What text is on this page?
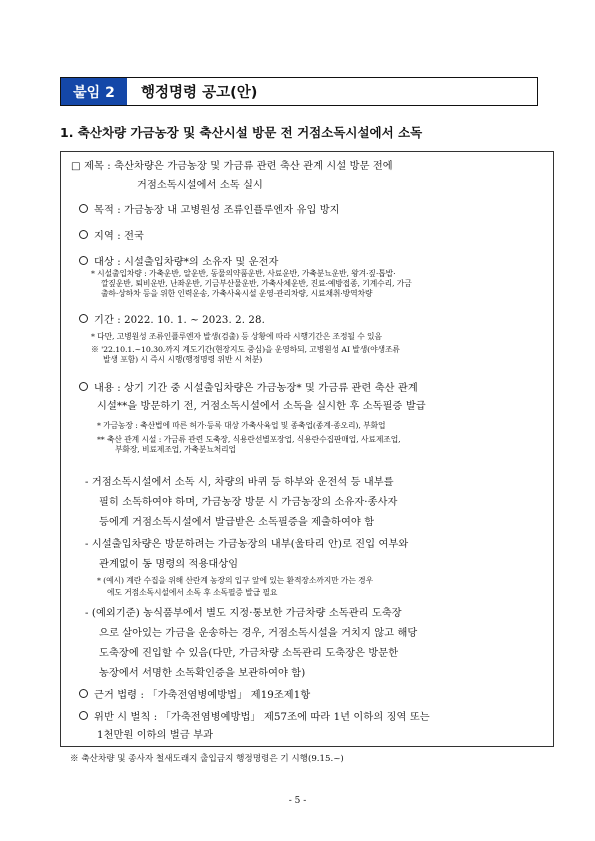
붙임 2	행정명령 공고(안)
1. 축산차량 가금농장 및 축산시설 방문 전 거점소독시설에서 소독
□ 제목 : 축산차량은 가금농장 및 가금류 관련 축산 관계 시설 방문 전에
거점소독시설에서 소독 실시
목적 : 가금농장 내 고병원성 조류인플루엔자 유입 방지
지역 : 전국
대상 : 시설출입차량*의 소유자 및 운전자
* 시설출입차량 : 가축운반, 알운반, 동물의약품운반, 사료운반, 가축분뇨운반, 왕겨·짚·톱밥·
깔짚운반, 퇴비운반, 난좌운반, 기금부산물운반, 가축사체운반, 진료·예방접종, 기계수리, 가금
출하·상하차 등을 위한 인력운송, 가축사육시설 운영·관리차량, 시료채취·방역차량
기간 : 2022. 10. 1. ~ 2023. 2. 28.
* 다만, 고병원성 조류인플루엔자 발생(검출) 등 상황에 따라 시행기간은 조정될 수 있음
※ '22.10.1.~10.30.까지 계도기간(현장지도 중심)을 운영하되, 고병원성 AI 발생(야생조류
발생 포함) 시 즉시 시행(행정명령 위반 시 처분)
내용 : 상기 기간 중 시설출입차량은 가금농장* 및 가금류 관련 축산 관계
시설**을 방문하기 전, 거점소독시설에서 소독을 실시한 후 소독필증 발급
* 가금농장 : 축산법에 따른 허가·등록 대상 가축사육업 및 종축업(종계·종오리), 부화업
** 축산 관계 시설 : 가금류 관련 도축장, 식용란선별포장업, 식용란수집판매업, 사료제조업,
부화장, 비료제조업, 가축분뇨처리업
- 거점소독시설에서 소독 시, 차량의 바퀴 등 하부와 운전석 등 내부를
필히 소독하여야 하며, 가금농장 방문 시 가금농장의 소유자·종사자
등에게 거점소독시설에서 발급받은 소독필증을 제출하여야 함
- 시설출입차량은 방문하려는 가금농장의 내부(울타리 안)로 진입 여부와
관계없이 동 명령의 적용대상임
* (예시) 계란 수집을 위해 산란계 농장의 입구 앞에 있는 환적장소까지만 가는 경우
에도 거점소독시설에서 소독 후 소독필증 발급 필요
- (예외기준) 농식품부에서 별도 지정·통보한 가금차량 소독관리 도축장
으로 살아있는 가금을 운송하는 경우, 거점소독시설을 거치지 않고 해당
도축장에 진입할 수 있음(다만, 가금차량 소독관리 도축장은 방문한
농장에서 서명한 소독확인증을 보관하여야 함)
근거 법령 : 「가축전염병예방법」 제19조제1항
위반 시 벌칙 : 「가축전염병예방법」 제57조에 따라 1년 이하의 징역 또는
1천만원 이하의 벌금 부과
※ 축산차량 및 종사자 철새도래지 출입금지 행정명령은 기 시행(9.15.~)
- 5 -
